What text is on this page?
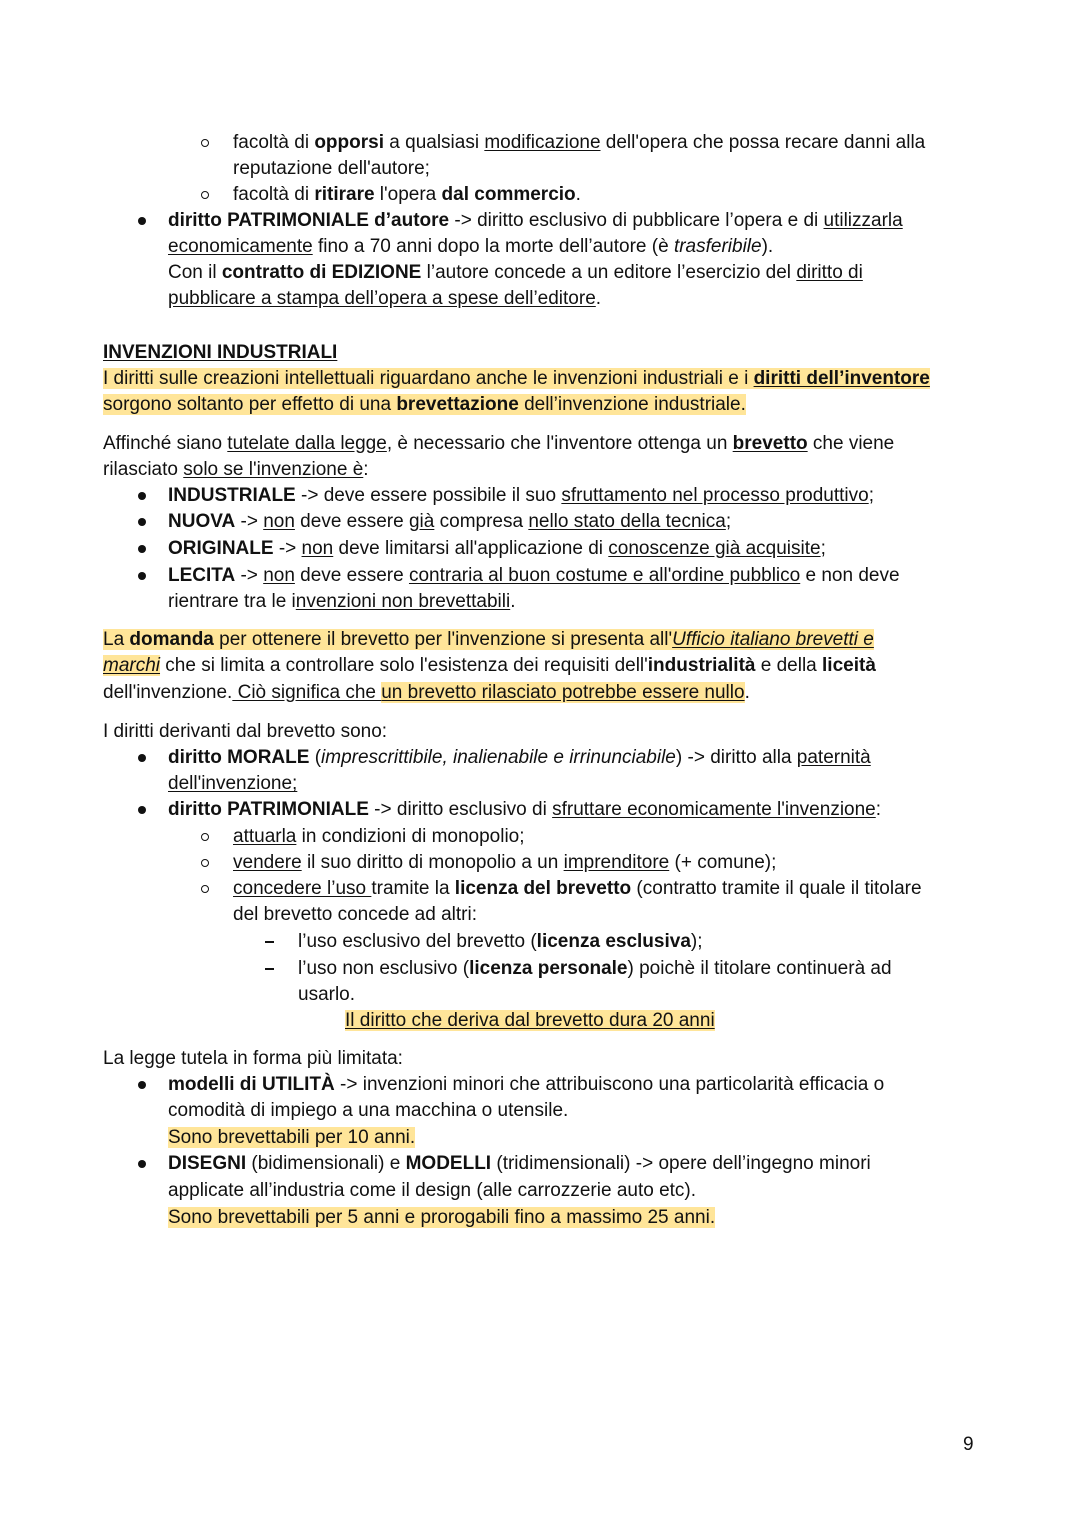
facoltà di opporsi a qualsiasi modificazione dell'opera che possa recare danni alla
reputazione dell'autore;
facoltà di ritirare l'opera dal commercio.
diritto PATRIMONIALE d’autore -> diritto esclusivo di pubblicare l’opera e di utilizzarla
economicamente fino a 70 anni dopo la morte dell’autore (è trasferibile).
Con il contratto di EDIZIONE l’autore concede a un editore l’esercizio del diritto di
pubblicare a stampa dell’opera a spese dell’editore.
INVENZIONI INDUSTRIALI
I diritti sulle creazioni intellettuali riguardano anche le invenzioni industriali e i diritti dell’inventore
sorgono soltanto per effetto di una brevettazione dell’invenzione industriale.
Affinché siano tutelate dalla legge, è necessario che l'inventore ottenga un brevetto che viene
rilasciato solo se l'invenzione è:
INDUSTRIALE -> deve essere possibile il suo sfruttamento nel processo produttivo;
NUOVA -> non deve essere già compresa nello stato della tecnica;
ORIGINALE -> non deve limitarsi all'applicazione di conoscenze già acquisite;
LECITA -> non deve essere contraria al buon costume e all'ordine pubblico e non deve
rientrare tra le invenzioni non brevettabili.
La domanda per ottenere il brevetto per l'invenzione si presenta all'Ufficio italiano brevetti e
marchi che si limita a controllare solo l'esistenza dei requisiti dell'industrialità e della liceità
dell'invenzione. Ciò significa che un brevetto rilasciato potrebbe essere nullo.
I diritti derivanti dal brevetto sono:
diritto MORALE (imprescrittibile, inalienabile e irrinunciabile) -> diritto alla paternità
dell'invenzione;
diritto PATRIMONIALE -> diritto esclusivo di sfruttare economicamente l'invenzione:
attuarla in condizioni di monopolio;
vendere il suo diritto di monopolio a un imprenditore (+ comune);
concedere l’uso tramite la licenza del brevetto (contratto tramite il quale il titolare
del brevetto concede ad altri:
l’uso esclusivo del brevetto (licenza esclusiva);
l’uso non esclusivo (licenza personale) poichè il titolare continuerà ad
usarlo.
Il diritto che deriva dal brevetto dura 20 anni
La legge tutela in forma più limitata:
modelli di UTILITÀ -> invenzioni minori che attribuiscono una particolarità efficacia o
comodità di impiego a una macchina o utensile.
Sono brevettabili per 10 anni.
DISEGNI (bidimensionali) e MODELLI (tridimensionali) -> opere dell’ingegno minori
applicate all’industria come il design (alle carrozzerie auto etc).
Sono brevettabili per 5 anni e prorogabili fino a massimo 25 anni.
9
